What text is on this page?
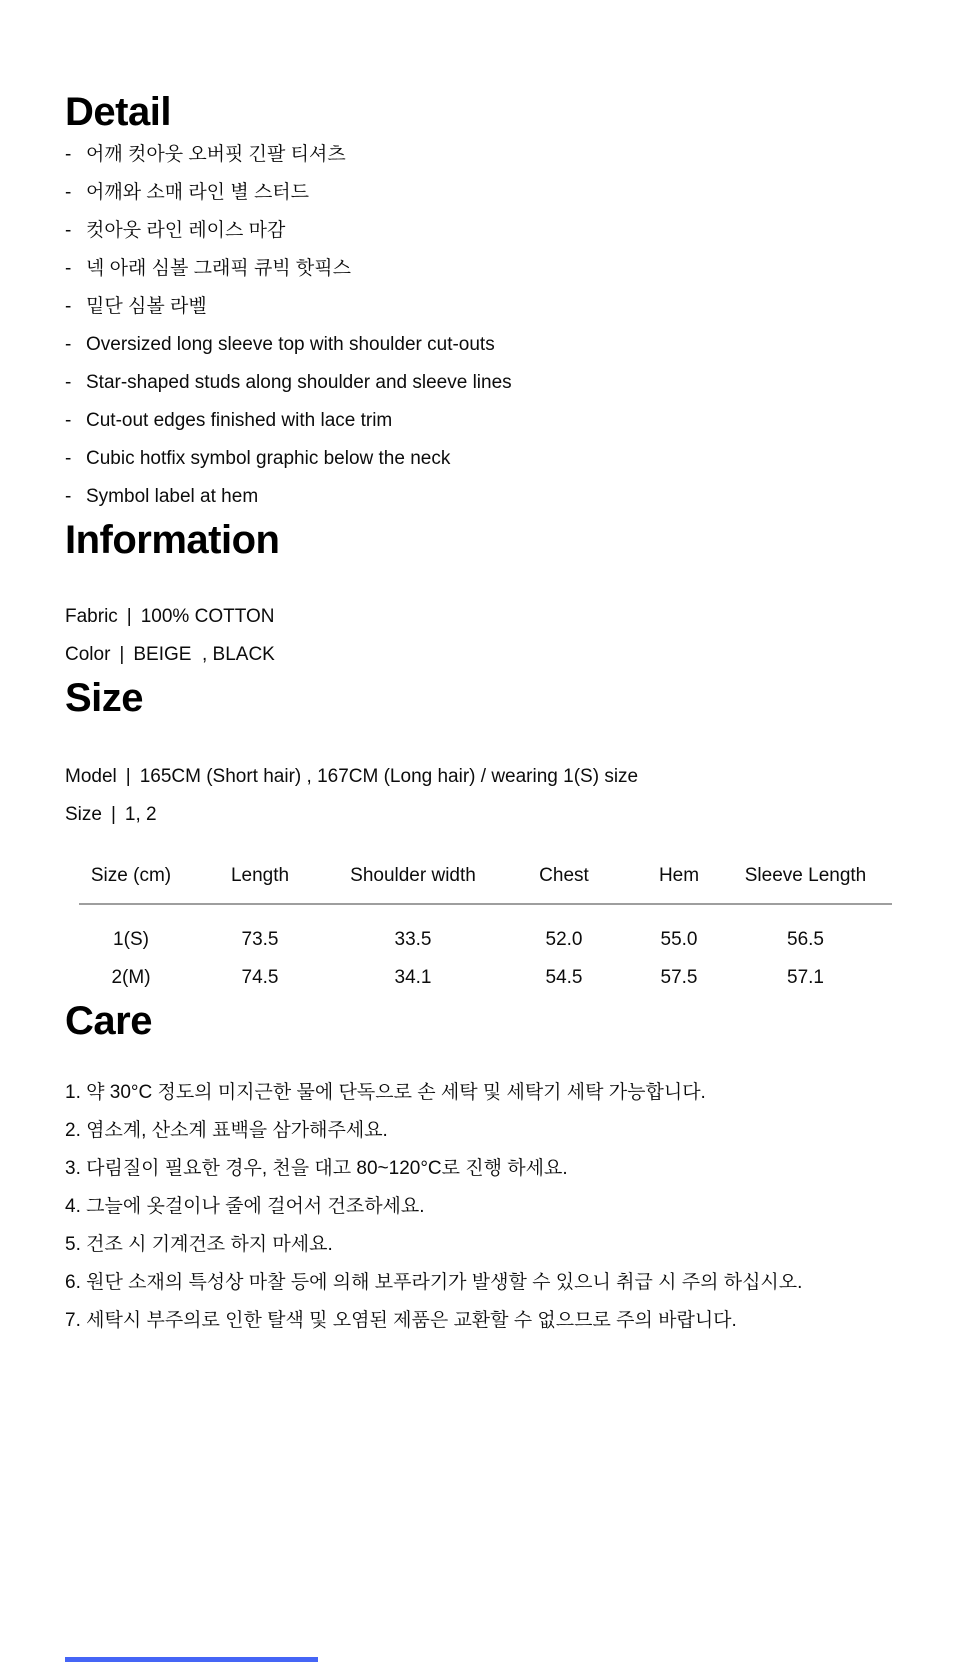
Detail
- 어깨 컷아웃 오버핏 긴팔 티셔츠
- 어깨와 소매 라인 별 스터드
- 컷아웃 라인 레이스 마감
- 넥 아래 심볼 그래픽 큐빅 핫픽스
- 밑단 심볼 라벨
- Oversized long sleeve top with shoulder cut-outs
- Star-shaped studs along shoulder and sleeve lines
- Cut-out edges finished with lace trim
- Cubic hotfix symbol graphic below the neck
- Symbol label at hem
Information
Fabric | 100% COTTON
Color | BEIGE  , BLACK
Size
Model | 165CM (Short hair) , 167CM (Long hair) / wearing 1(S) size
Size | 1, 2
Size (cm)	Length	Shoulder width	Chest	Hem	Sleeve Length
1(S)	73.5	33.5	52.0	55.0	56.5
2(M)	74.5	34.1	54.5	57.5	57.1
Care
1. 약 30°C 정도의 미지근한 물에 단독으로 손 세탁 및 세탁기 세탁 가능합니다.
2. 염소계, 산소계 표백을 삼가해주세요.
3. 다림질이 필요한 경우, 천을 대고 80~120°C로 진행 하세요.
4. 그늘에 옷걸이나 줄에 걸어서 건조하세요.
5. 건조 시 기계건조 하지 마세요.
6. 원단 소재의 특성상 마찰 등에 의해 보푸라기가 발생할 수 있으니 취급 시 주의 하십시오.
7. 세탁시 부주의로 인한 탈색 및 오염된 제품은 교환할 수 없으므로 주의 바랍니다.
